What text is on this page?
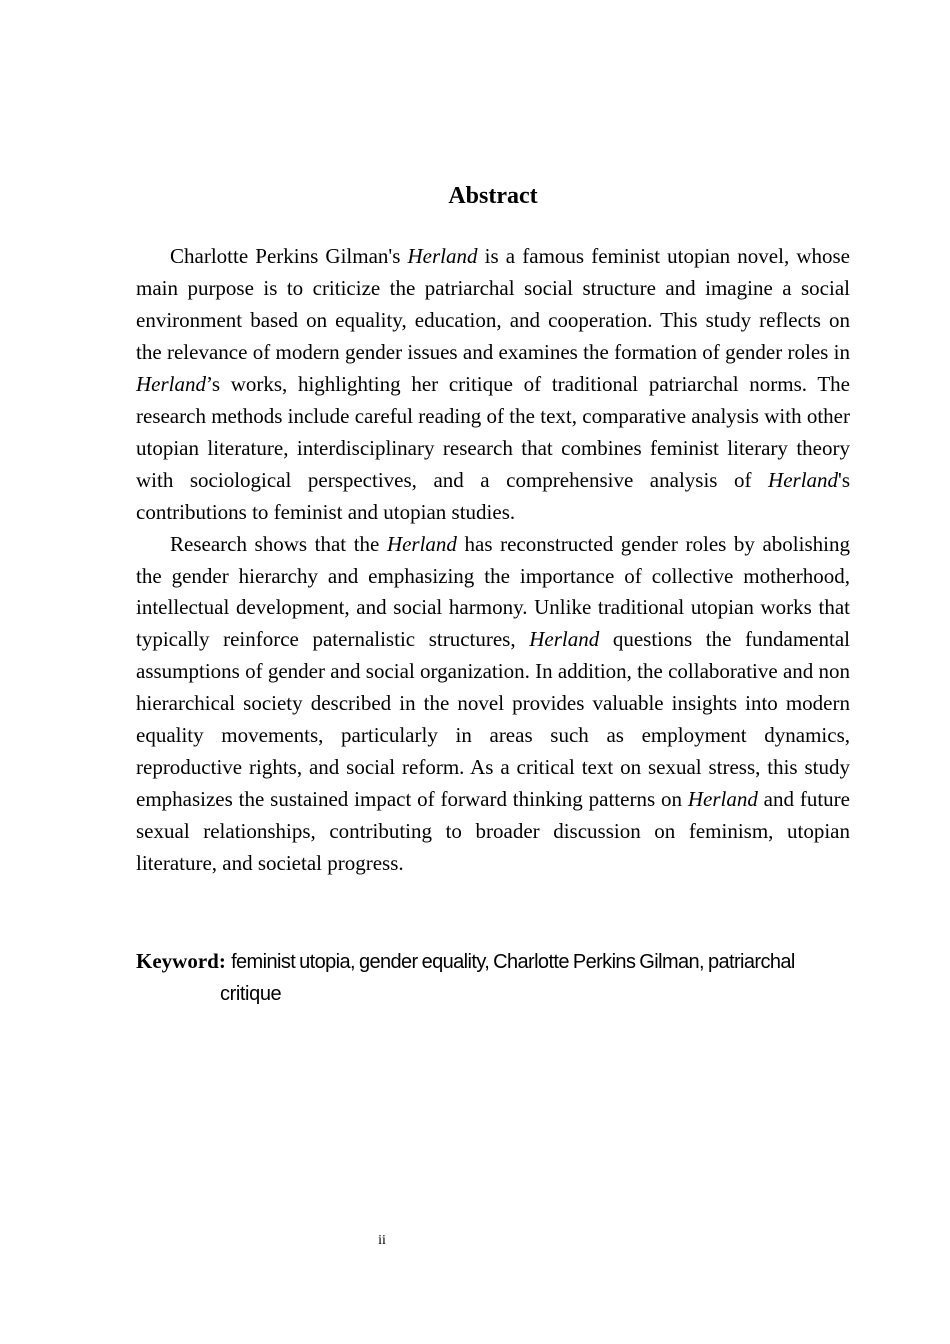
Abstract

Charlotte Perkins Gilman's Herland is a famous feminist utopian novel, whose main purpose is to criticize the patriarchal social structure and imagine a social environment based on equality, education, and cooperation. This study reflects on the relevance of modern gender issues and examines the formation of gender roles in Herland’s works, highlighting her critique of traditional patriarchal norms. The research methods include careful reading of the text, comparative analysis with other utopian literature, interdisciplinary research that combines feminist literary theory with sociological perspectives, and a comprehensive analysis of Herland's contributions to feminist and utopian studies.

Research shows that the Herland has reconstructed gender roles by abolishing the gender hierarchy and emphasizing the importance of collective motherhood, intellectual development, and social harmony. Unlike traditional utopian works that typically reinforce paternalistic structures, Herland questions the fundamental assumptions of gender and social organization. In addition, the collaborative and non hierarchical society described in the novel provides valuable insights into modern equality movements, particularly in areas such as employment dynamics, reproductive rights, and social reform. As a critical text on sexual stress, this study emphasizes the sustained impact of forward thinking patterns on Herland and future sexual relationships, contributing to broader discussion on feminism, utopian literature, and societal progress.

Keyword: feminist utopia, gender equality, Charlotte Perkins Gilman, patriarchal
critique
ii
